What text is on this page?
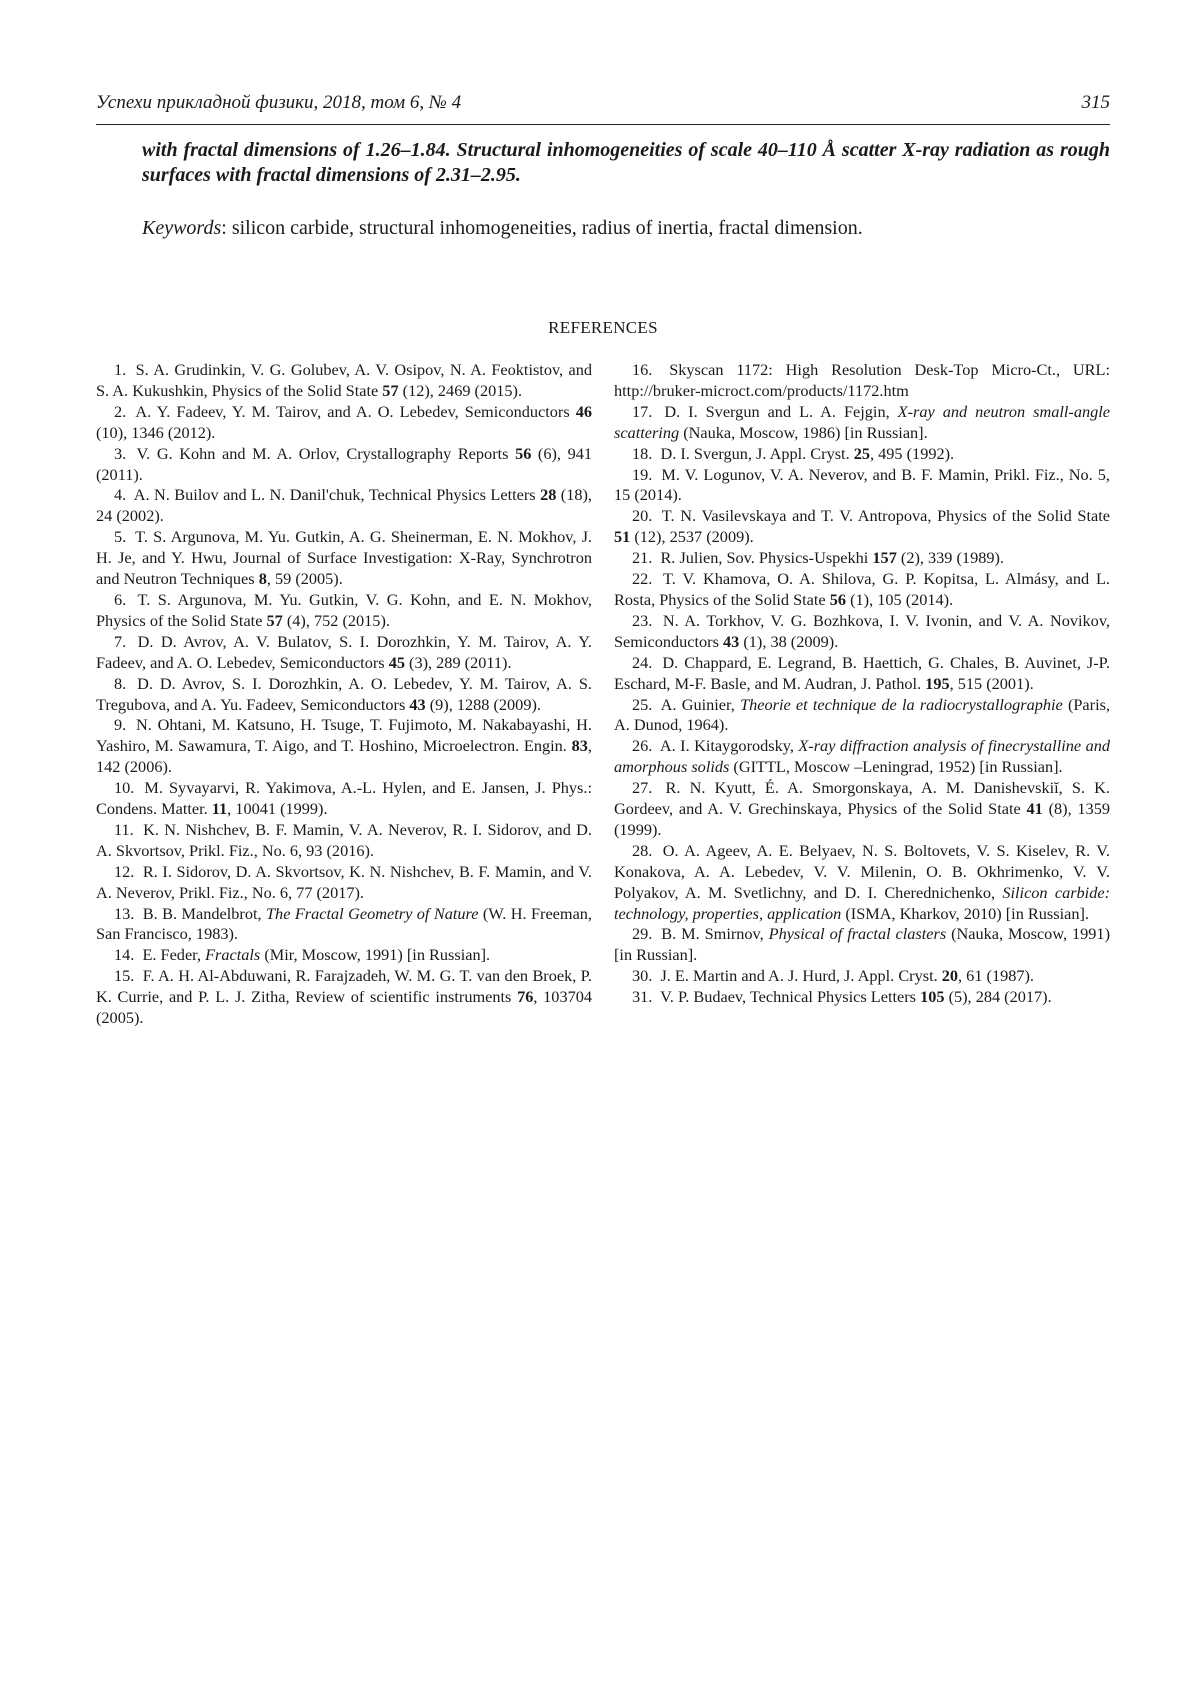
Успехи прикладной физики, 2018, том 6, № 4	315
with fractal dimensions of 1.26–1.84. Structural inhomogeneities of scale 40–110 Å scatter X-ray radiation as rough surfaces with fractal dimensions of 2.31–2.95.
Keywords: silicon carbide, structural inhomogeneities, radius of inertia, fractal dimension.
REFERENCES

1. S. A. Grudinkin, V. G. Golubev, A. V. Osipov, N. A. Feoktistov, and S. A. Kukushkin, Physics of the Solid State 57 (12), 2469 (2015).

2. A. Y. Fadeev, Y. M. Tairov, and A. O. Lebedev, Semiconductors 46 (10), 1346 (2012).

3. V. G. Kohn and M. A. Orlov, Crystallography Reports 56 (6), 941 (2011).

4. A. N. Builov and L. N. Danil'chuk, Technical Physics Letters 28 (18), 24 (2002).

5. T. S. Argunova, M. Yu. Gutkin, A. G. Sheinerman, E. N. Mokhov, J. H. Je, and Y. Hwu, Journal of Surface Investigation: X-Ray, Synchrotron and Neutron Techniques 8, 59 (2005).

6. T. S. Argunova, M. Yu. Gutkin, V. G. Kohn, and E. N. Mokhov, Physics of the Solid State 57 (4), 752 (2015).

7. D. D. Avrov, A. V. Bulatov, S. I. Dorozhkin, Y. M. Tairov, A. Y. Fadeev, and A. O. Lebedev, Semiconductors 45 (3), 289 (2011).

8. D. D. Avrov, S. I. Dorozhkin, A. O. Lebedev, Y. M. Tairov, A. S. Tregubova, and A. Yu. Fadeev, Semiconductors 43 (9), 1288 (2009).

9. N. Ohtani, M. Katsuno, H. Tsuge, T. Fujimoto, M. Nakabayashi, H. Yashiro, M. Sawamura, T. Aigo, and T. Hoshino, Microelectron. Engin. 83, 142 (2006).

10. M. Syvayarvi, R. Yakimova, A.-L. Hylen, and E. Jansen, J. Phys.: Condens. Matter. 11, 10041 (1999).

11. K. N. Nishchev, B. F. Mamin, V. A. Neverov, R. I. Sidorov, and D. A. Skvortsov, Prikl. Fiz., No. 6, 93 (2016).

12. R. I. Sidorov, D. A. Skvortsov, K. N. Nishchev, B. F. Mamin, and V. A. Neverov, Prikl. Fiz., No. 6, 77 (2017).

13. B. B. Mandelbrot, The Fractal Geometry of Nature (W. H. Freeman, San Francisco, 1983).

14. E. Feder, Fractals (Mir, Moscow, 1991) [in Russian].

15. F. A. H. Al-Abduwani, R. Farajzadeh, W. M. G. T. van den Broek, P. K. Currie, and P. L. J. Zitha, Review of scientific instruments 76, 103704 (2005).

16. Skyscan 1172: High Resolution Desk-Top Micro-Ct., URL: http://bruker-microct.com/products/1172.htm

17. D. I. Svergun and L. A. Fejgin, X-ray and neutron small-angle scattering (Nauka, Moscow, 1986) [in Russian].

18. D. I. Svergun, J. Appl. Cryst. 25, 495 (1992).

19. M. V. Logunov, V. A. Neverov, and B. F. Mamin, Prikl. Fiz., No. 5, 15 (2014).

20. T. N. Vasilevskaya and T. V. Antropova, Physics of the Solid State 51 (12), 2537 (2009).

21. R. Julien, Sov. Physics-Uspekhi 157 (2), 339 (1989).

22. T. V. Khamova, O. A. Shilova, G. P. Kopitsa, L. Almásy, and L. Rosta, Physics of the Solid State 56 (1), 105 (2014).

23. N. A. Torkhov, V. G. Bozhkova, I. V. Ivonin, and V. A. Novikov, Semiconductors 43 (1), 38 (2009).

24. D. Chappard, E. Legrand, B. Haettich, G. Chales, B. Auvinet, J-P. Eschard, M-F. Basle, and M. Audran, J. Pathol. 195, 515 (2001).

25. A. Guinier, Theorie et technique de la radiocrystallographie (Paris, A. Dunod, 1964).

26. A. I. Kitaygorodsky, X-ray diffraction analysis of finecrystalline and amorphous solids (GITTL, Moscow –Leningrad, 1952) [in Russian].

27. R. N. Kyutt, É. A. Smorgonskaya, A. M. Danishevskiĭ, S. K. Gordeev, and A. V. Grechinskaya, Physics of the Solid State 41 (8), 1359 (1999).

28. O. A. Ageev, A. E. Belyaev, N. S. Boltovets, V. S. Kiselev, R. V. Konakova, A. A. Lebedev, V. V. Milenin, O. B. Okhrimenko, V. V. Polyakov, A. M. Svetlichny, and D. I. Cherednichenko, Silicon carbide: technology, properties, application (ISMA, Kharkov, 2010) [in Russian].

29. B. M. Smirnov, Physical of fractal clasters (Nauka, Moscow, 1991) [in Russian].

30. J. E. Martin and A. J. Hurd, J. Appl. Cryst. 20, 61 (1987).

31. V. P. Budaev, Technical Physics Letters 105 (5), 284 (2017).
